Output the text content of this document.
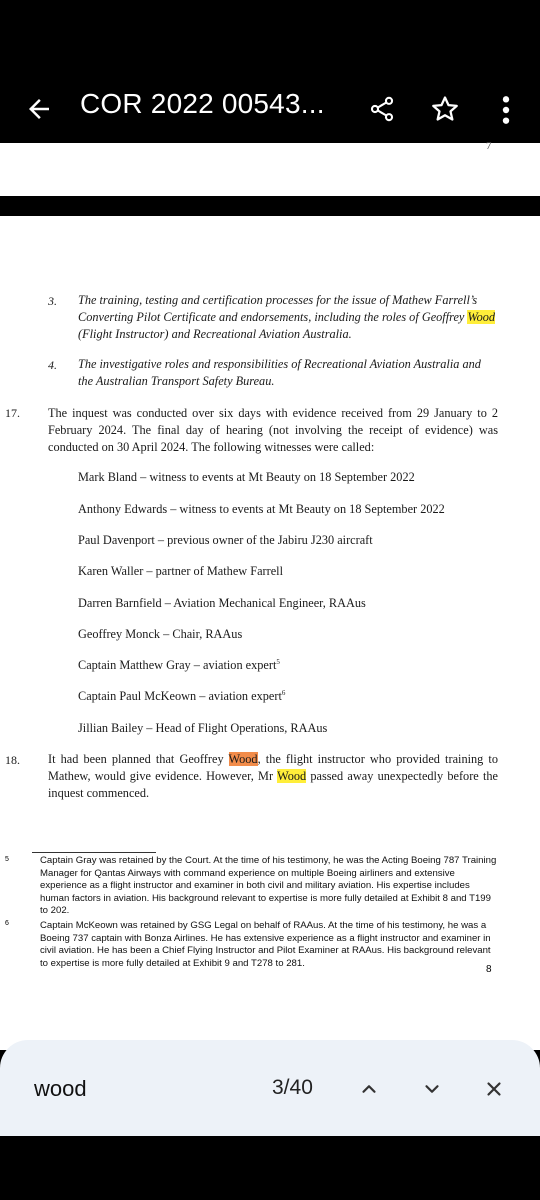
COR 2022 00543...
7
3. The training, testing and certification processes for the issue of Mathew Farrell’s Converting Pilot Certificate and endorsements, including the roles of Geoffrey Wood (Flight Instructor) and Recreational Aviation Australia.
4. The investigative roles and responsibilities of Recreational Aviation Australia and the Australian Transport Safety Bureau.
17. The inquest was conducted over six days with evidence received from 29 January to 2 February 2024. The final day of hearing (not involving the receipt of evidence) was conducted on 30 April 2024. The following witnesses were called:
Mark Bland – witness to events at Mt Beauty on 18 September 2022
Anthony Edwards – witness to events at Mt Beauty on 18 September 2022
Paul Davenport – previous owner of the Jabiru J230 aircraft
Karen Waller – partner of Mathew Farrell
Darren Barnfield – Aviation Mechanical Engineer, RAAus
Geoffrey Monck – Chair, RAAus
Captain Matthew Gray – aviation expert$^5$
Captain Paul McKeown – aviation expert$^6$
Jillian Bailey – Head of Flight Operations, RAAus
18. It had been planned that Geoffrey Wood, the flight instructor who provided training to Mathew, would give evidence. However, Mr Wood passed away unexpectedly before the inquest commenced.
5	Captain Gray was retained by the Court. At the time of his testimony, he was the Acting Boeing 787 Training Manager for Qantas Airways with command experience on multiple Boeing airliners and extensive experience as a flight instructor and examiner in both civil and military aviation. His expertise includes human factors in aviation. His background relevant to expertise is more fully detailed at Exhibit 8 and T199 to 202.
6	Captain McKeown was retained by GSG Legal on behalf of RAAus. At the time of his testimony, he was a Boeing 737 captain with Bonza Airlines. He has extensive experience as a flight instructor and examiner in civil aviation. He has been a Chief Flying Instructor and Pilot Examiner at RAAus. His background relevant to expertise is more fully detailed at Exhibit 9 and T278 to 281.
8
wood	3/40
